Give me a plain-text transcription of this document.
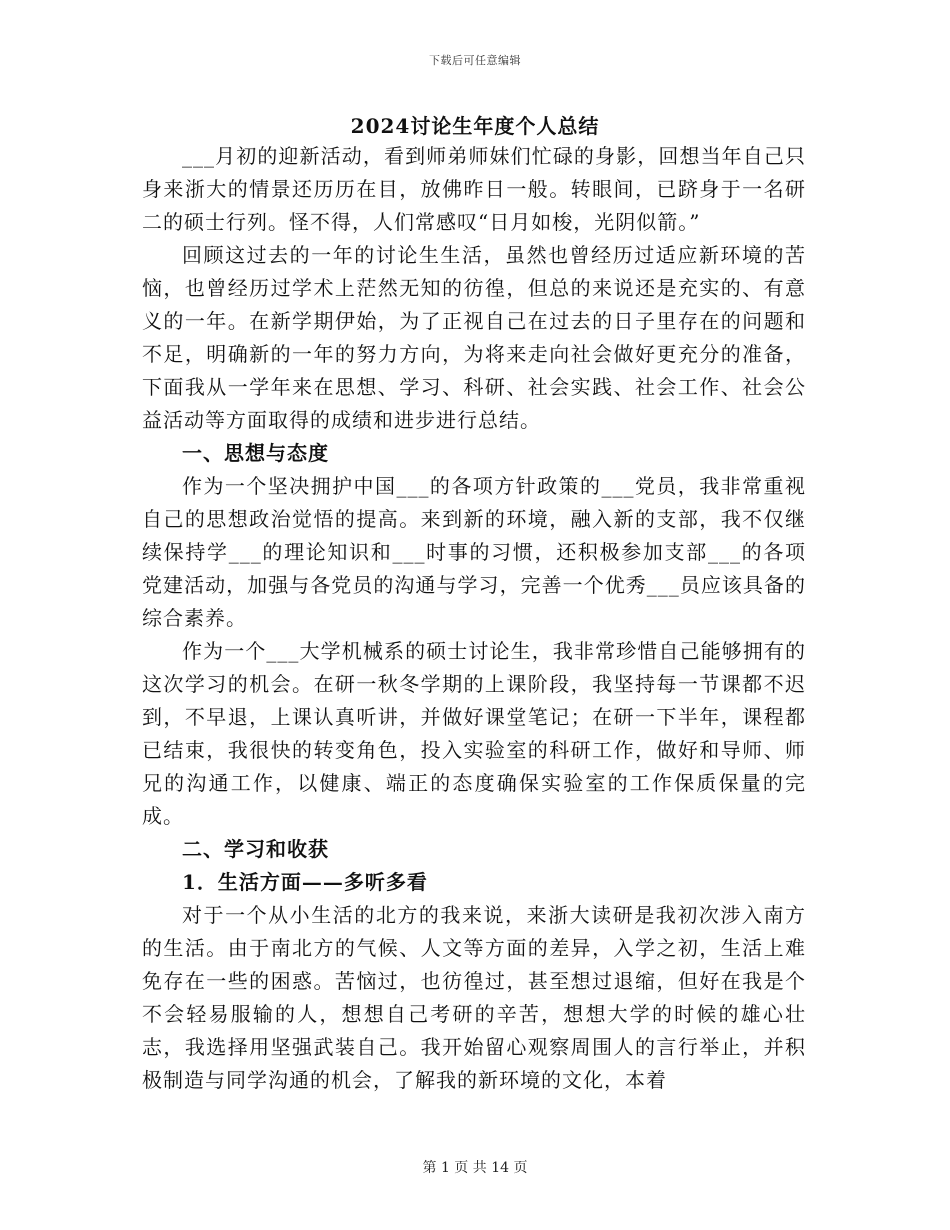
下载后可任意编辑
2024讨论生年度个人总结

___月初的迎新活动，看到师弟师妹们忙碌的身影，回想当年自己只身来浙大的情景还历历在目，放佛昨日一般。转眼间，已跻身于一名研二的硕士行列。怪不得，人们常感叹“日月如梭，光阴似箭。”

回顾这过去的一年的讨论生生活，虽然也曾经历过适应新环境的苦恼，也曾经历过学术上茫然无知的彷徨，但总的来说还是充实的、有意义的一年。在新学期伊始，为了正视自己在过去的日子里存在的问题和不足，明确新的一年的努力方向，为将来走向社会做好更充分的准备，下面我从一学年来在思想、学习、科研、社会实践、社会工作、社会公益活动等方面取得的成绩和进步进行总结。

一、思想与态度

作为一个坚决拥护中国___的各项方针政策的___党员，我非常重视自己的思想政治觉悟的提高。来到新的环境，融入新的支部，我不仅继续保持学___的理论知识和___时事的习惯，还积极参加支部___的各项党建活动，加强与各党员的沟通与学习，完善一个优秀___员应该具备的综合素养。

作为一个___大学机械系的硕士讨论生，我非常珍惜自己能够拥有的这次学习的机会。在研一秋冬学期的上课阶段，我坚持每一节课都不迟到，不早退，上课认真听讲，并做好课堂笔记；在研一下半年，课程都已结束，我很快的转变角色，投入实验室的科研工作，做好和导师、师兄的沟通工作，以健康、端正的态度确保实验室的工作保质保量的完成。

二、学习和收获

1．生活方面——多听多看

对于一个从小生活的北方的我来说，来浙大读研是我初次涉入南方的生活。由于南北方的气候、人文等方面的差异，入学之初，生活上难免存在一些的困惑。苦恼过，也彷徨过，甚至想过退缩，但好在我是个不会轻易服输的人，想想自己考研的辛苦，想想大学的时候的雄心壮志，我选择用坚强武装自己。我开始留心观察周围人的言行举止，并积极制造与同学沟通的机会，了解我的新环境的文化，本着

第 1 页 共 14 页
